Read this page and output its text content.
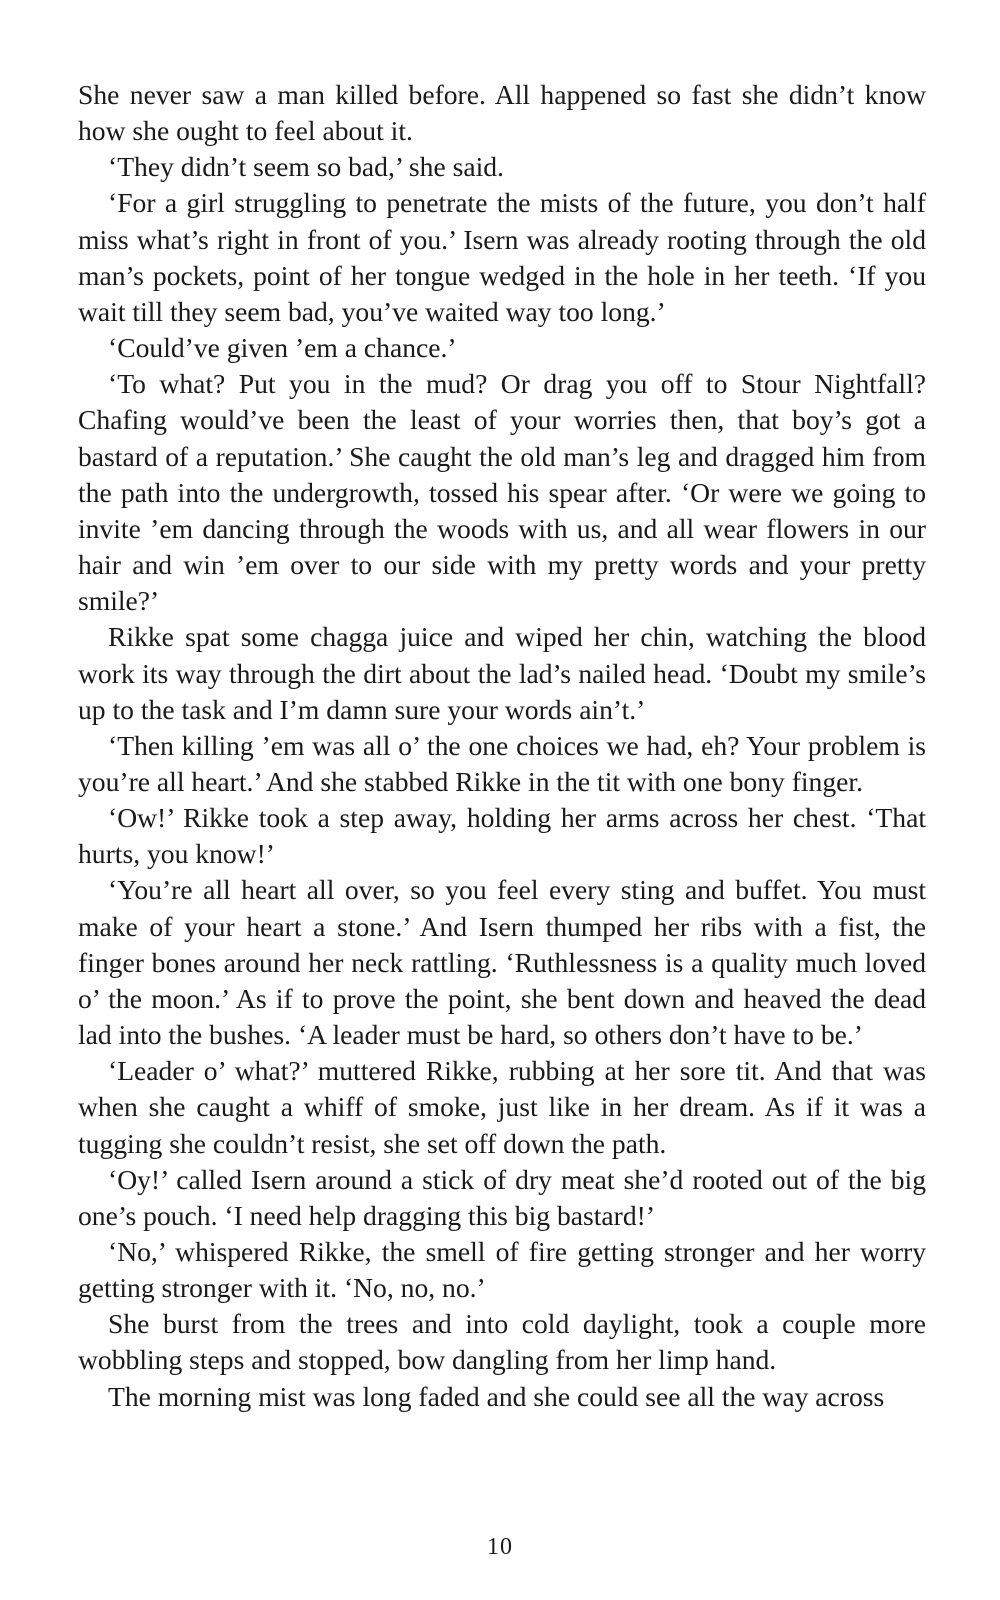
She never saw a man killed before. All happened so fast she didn’t know how she ought to feel about it.

‘They didn’t seem so bad,’ she said.

‘For a girl struggling to penetrate the mists of the future, you don’t half miss what’s right in front of you.’ Isern was already rooting through the old man’s pockets, point of her tongue wedged in the hole in her teeth. ‘If you wait till they seem bad, you’ve waited way too long.’

‘Could’ve given ’em a chance.’

‘To what? Put you in the mud? Or drag you off to Stour Nightfall? Chafing would’ve been the least of your worries then, that boy’s got a bastard of a reputation.’ She caught the old man’s leg and dragged him from the path into the undergrowth, tossed his spear after. ‘Or were we going to invite ’em dancing through the woods with us, and all wear flowers in our hair and win ’em over to our side with my pretty words and your pretty smile?’

Rikke spat some chagga juice and wiped her chin, watching the blood work its way through the dirt about the lad’s nailed head. ‘Doubt my smile’s up to the task and I’m damn sure your words ain’t.’

‘Then killing ’em was all o’ the one choices we had, eh? Your problem is you’re all heart.’ And she stabbed Rikke in the tit with one bony finger.

‘Ow!’ Rikke took a step away, holding her arms across her chest. ‘That hurts, you know!’

‘You’re all heart all over, so you feel every sting and buffet. You must make of your heart a stone.’ And Isern thumped her ribs with a fist, the finger bones around her neck rattling. ‘Ruthlessness is a quality much loved o’ the moon.’ As if to prove the point, she bent down and heaved the dead lad into the bushes. ‘A leader must be hard, so others don’t have to be.’

‘Leader o’ what?’ muttered Rikke, rubbing at her sore tit. And that was when she caught a whiff of smoke, just like in her dream. As if it was a tugging she couldn’t resist, she set off down the path.

‘Oy!’ called Isern around a stick of dry meat she’d rooted out of the big one’s pouch. ‘I need help dragging this big bastard!’

‘No,’ whispered Rikke, the smell of fire getting stronger and her worry getting stronger with it. ‘No, no, no.’

She burst from the trees and into cold daylight, took a couple more wobbling steps and stopped, bow dangling from her limp hand.

The morning mist was long faded and she could see all the way across

10
